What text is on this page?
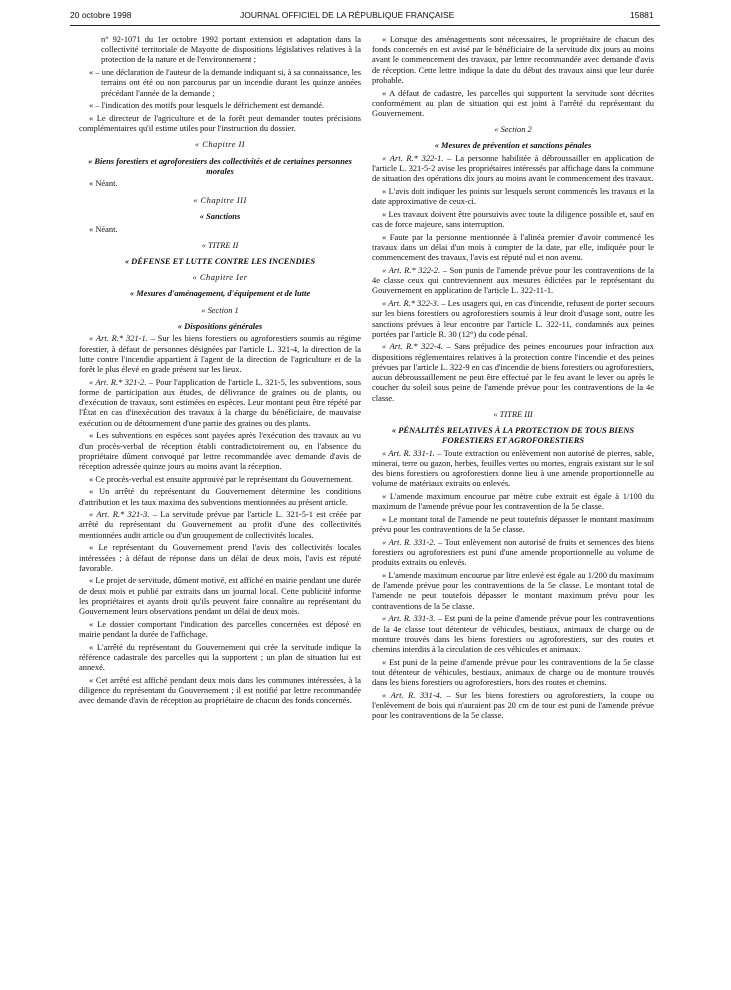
20 octobre 1998	JOURNAL OFFICIEL DE LA RÉPUBLIQUE FRANÇAISE	15881

n° 92-1071 du 1er octobre 1992 portant extension et adaptation dans la collectivité territoriale de Mayotte de dispositions législatives relatives à la protection de la nature et de l'environnement ;

« – une déclaration de l'auteur de la demande indiquant si, à sa connaissance, les terrains ont été ou non parcourus par un incendie durant les quinze années précédant l'année de la demande ;

« – l'indication des motifs pour lesquels le défrichement est demandé.

« Le directeur de l'agriculture et de la forêt peut demander toutes précisions complémentaires qu'il estime utiles pour l'instruction du dossier.

« Chapitre II

« Biens forestiers et agroforestiers des collectivités et de certaines personnes morales

« Néant.

« Chapitre III

« Sanctions

« Néant.

« TITRE II

« DÉFENSE ET LUTTE CONTRE LES INCENDIES

« Chapitre Ier

« Mesures d'aménagement, d'équipement et de lutte

« Section 1

« Dispositions générales

« Art. R.* 321-1. – Sur les biens forestiers ou agroforestiers soumis au régime forestier, à défaut de personnes désignées par l'article L. 321-4, la direction de la lutte contre l'incendie appartient à l'agent de la direction de l'agriculture et de la forêt le plus élevé en grade présent sur les lieux.

« Art. R.* 321-2. – Pour l'application de l'article L. 321-5, les subventions, sous forme de participation aux études, de délivrance de graines ou de plants, ou d'exécution de travaux, sont estimées en espèces. Leur montant peut être répété par l'État en cas d'inexécution des travaux à la charge du bénéficiaire, de mauvaise exécution ou de détournement d'une partie des graines ou des plants.

« Les subventions en espèces sont payées après l'exécution des travaux au vu d'un procès-verbal de réception établi contradictoirement ou, en l'absence du propriétaire dûment convoqué par lettre recommandée avec demande d'avis de réception adressée quinze jours au moins avant la réception.

« Ce procès-verbal est ensuite approuvé par le représentant du Gouvernement.

« Un arrêté du représentant du Gouvernement détermine les conditions d'attribution et les taux maxima des subventions mentionnées au présent article.

« Art. R.* 321-3. – La servitude prévue par l'article L. 321-5-1 est créée par arrêté du représentant du Gouvernement au profit d'une des collectivités mentionnées audit article ou d'un groupement de collectivités locales.

« Le représentant du Gouvernement prend l'avis des collectivités locales intéressées ; à défaut de réponse dans un délai de deux mois, l'avis est réputé favorable.

« Le projet de servitude, dûment motivé, est affiché en mairie pendant une durée de deux mois et publié par extraits dans un journal local. Cette publicité informe les propriétaires et ayants droit qu'ils peuvent faire connaître au représentant du Gouvernement leurs observations pendant un délai de deux mois.

« Le dossier comportant l'indication des parcelles concernées est déposé en mairie pendant la durée de l'affichage.

« L'arrêté du représentant du Gouvernement qui crée la servitude indique la référence cadastrale des parcelles qui la supportent ; un plan de situation lui est annexé.

« Cet arrêté est affiché pendant deux mois dans les communes intéressées, à la diligence du représentant du Gouvernement ; il est notifié par lettre recommandée avec demande d'avis de réception au propriétaire de chacun des fonds concernés.

« Lorsque des aménagements sont nécessaires, le propriétaire de chacun des fonds concernés en est avisé par le bénéficiaire de la servitude dix jours au moins avant le commencement des travaux, par lettre recommandée avec demande d'avis de réception. Cette lettre indique la date du début des travaux ainsi que leur durée probable.

« A défaut de cadastre, les parcelles qui supportent la servitude sont décrites conformément au plan de situation qui est joint à l'arrêté du représentant du Gouvernement.

« Section 2

« Mesures de prévention et sanctions pénales

« Art. R.* 322-1. – La personne habilitée à débroussailler en application de l'article L. 321-5-2 avise les propriétaires intéressés par affichage dans la commune de situation des opérations dix jours au moins avant le commencement des travaux.

« L'avis doit indiquer les points sur lesquels seront commencés les travaux et la date approximative de ceux-ci.

« Les travaux doivent être poursuivis avec toute la diligence possible et, sauf en cas de force majeure, sans interruption.

« Faute par la personne mentionnée à l'alinéa premier d'avoir commencé les travaux dans un délai d'un mois à compter de la date, par elle, indiquée pour le commencement des travaux, l'avis est réputé nul et non avenu.

« Art. R.* 322-2. – Son punis de l'amende prévue pour les contraventions de la 4e classe ceux qui contreviennent aux mesures édictées par le représentant du Gouvernement en application de l'article L. 322-11-1.

« Art. R.* 322-3. – Les usagers qui, en cas d'incendie, refusent de porter secours sur les biens forestiers ou agroforestiers soumis à leur droit d'usage sont, outre les sanctions prévues à leur encontre par l'article L. 322-11, condamnés aux peines portées par l'article R. 30 (12°) du code pénal.

« Art. R.* 322-4. – Sans préjudice des peines encourues pour infraction aux dispositions réglementaires relatives à la protection contre l'incendie et des peines prévues par l'article L. 322-9 en cas d'incendie de biens forestiers ou agroforestiers, aucun débroussaillement ne peut être effectué par le feu avant le lever ou après le coucher du soleil sous peine de l'amende prévue pour les contraventions de la 4e classe.

« TITRE III

« PÉNALITÉS RELATIVES À LA PROTECTION DE TOUS BIENS FORESTIERS ET AGROFORESTIERS

« Art. R. 331-1. – Toute extraction ou enlèvement non autorisé de pierres, sable, minerai, terre ou gazon, herbes, feuilles vertes ou mortes, engrais existant sur le sol des biens forestiers ou agroforestiers donne lieu à une amende proportionnelle au volume de matériaux extraits ou enlevés.

« L'amende maximum encourue par mètre cube extrait est égale à 1/100 du maximum de l'amende prévue pour les contravention de la 5e classe.

« Le montant total de l'amende ne peut toutefois dépasser le montant maximum prévu pour les contraventions de la 5e classe.

« Art. R. 331-2. – Tout enlèvement non autorisé de fruits et semences des biens forestiers ou agroforestiers est puni d'une amende proportionnelle au volume de produits extraits ou enlevés.

« L'amende maximum encourue par litre enlevé est égale au 1/200 du maximum de l'amende prévue pour les contraventions de la 5e classe. Le montant total de l'amende ne peut toutefois dépasser le montant maximum prévu pour les contraventions de la 5e classe.

« Art. R. 331-3. – Est puni de la peine d'amende prévue pour les contraventions de la 4e classe tout détenteur de véhicules, bestiaux, animaux de charge ou de monture trouvés dans les biens forestiers ou agroforestiers, sur des routes et chemins interdits à la circulation de ces véhicules et animaux.

« Est puni de la peine d'amende prévue pour les contraventions de la 5e classe tout détenteur de véhicules, bestiaux, animaux de charge ou de monture trouvés dans les biens forestiers ou agroforestiers, hors des routes et chemins.

« Art. R. 331-4. – Sur les biens forestiers ou agroforestiers, la coupe ou l'enlèvement de bois qui n'auraient pas 20 cm de tour est puni de l'amende prévue pour les contraventions de la 5e classe.
